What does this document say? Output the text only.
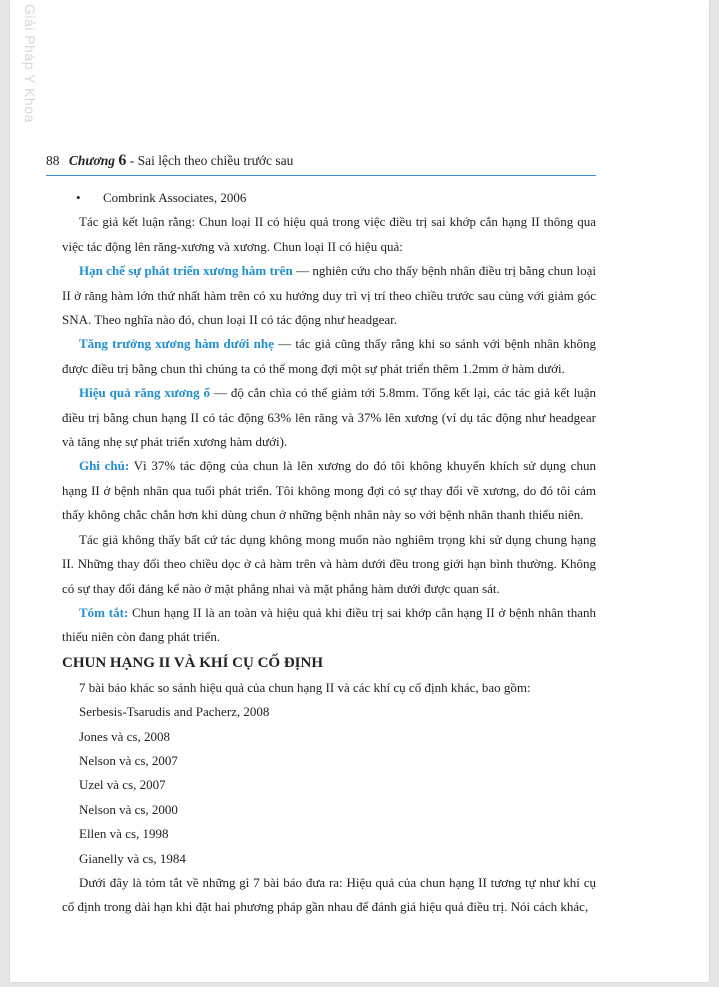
Giải Pháp Y Khoa
88 Chương 6 - Sai lệch theo chiều trước sau

• Combrink Associates, 2006

Tác giả kết luận rằng: Chun loại II có hiệu quả trong việc điều trị sai khớp cắn hạng II thông qua việc tác động lên răng-xương và xương. Chun loại II có hiệu quả:

Hạn chế sự phát triển xương hàm trên — nghiên cứu cho thấy bệnh nhân điều trị bằng chun loại II ở răng hàm lớn thứ nhất hàm trên có xu hướng duy trì vị trí theo chiều trước sau cùng với giảm góc SNA. Theo nghĩa nào đó, chun loại II có tác động như headgear.

Tăng trưởng xương hàm dưới nhẹ — tác giả cũng thấy rằng khi so sánh với bệnh nhân không được điều trị bằng chun thì chúng ta có thể mong đợi một sự phát triển thêm 1.2mm ở hàm dưới.

Hiệu quả răng xương ổ — độ cắn chìa có thể giảm tới 5.8mm. Tổng kết lại, các tác giả kết luận điều trị bằng chun hạng II có tác động 63% lên răng và 37% lên xương (ví dụ tác động như headgear và tăng nhẹ sự phát triển xương hàm dưới).

Ghi chú: Vì 37% tác động của chun là lên xương do đó tôi không khuyến khích sử dụng chun hạng II ở bệnh nhân qua tuổi phát triển. Tôi không mong đợi có sự thay đổi về xương, do đó tôi cảm thấy không chắc chắn hơn khi dùng chun ở những bệnh nhân này so với bệnh nhân thanh thiếu niên.

Tác giả không thấy bất cứ tác dụng không mong muốn nào nghiêm trọng khi sử dụng chung hạng II. Những thay đổi theo chiều dọc ở cả hàm trên và hàm dưới đều trong giới hạn bình thường. Không có sự thay đổi đáng kể nào ở mặt phẳng nhai và mặt phẳng hàm dưới được quan sát.

Tóm tắt: Chun hạng II là an toàn và hiệu quả khi điều trị sai khớp cắn hạng II ở bệnh nhân thanh thiếu niên còn đang phát triển.

CHUN HẠNG II VÀ KHÍ CỤ CỐ ĐỊNH

7 bài báo khác so sánh hiệu quả của chun hạng II và các khí cụ cố định khác, bao gồm:

Serbesis-Tsarudis and Pacherz, 2008

Jones và cs, 2008

Nelson và cs, 2007

Uzel và cs, 2007

Nelson và cs, 2000

Ellen và cs, 1998

Gianelly và cs, 1984

Dưới đây là tóm tắt về những gì 7 bài báo đưa ra: Hiệu quả của chun hạng II tương tự như khí cụ cố định trong dài hạn khi đặt hai phương pháp gần nhau để đánh giá hiệu quả điều trị. Nói cách khác,
